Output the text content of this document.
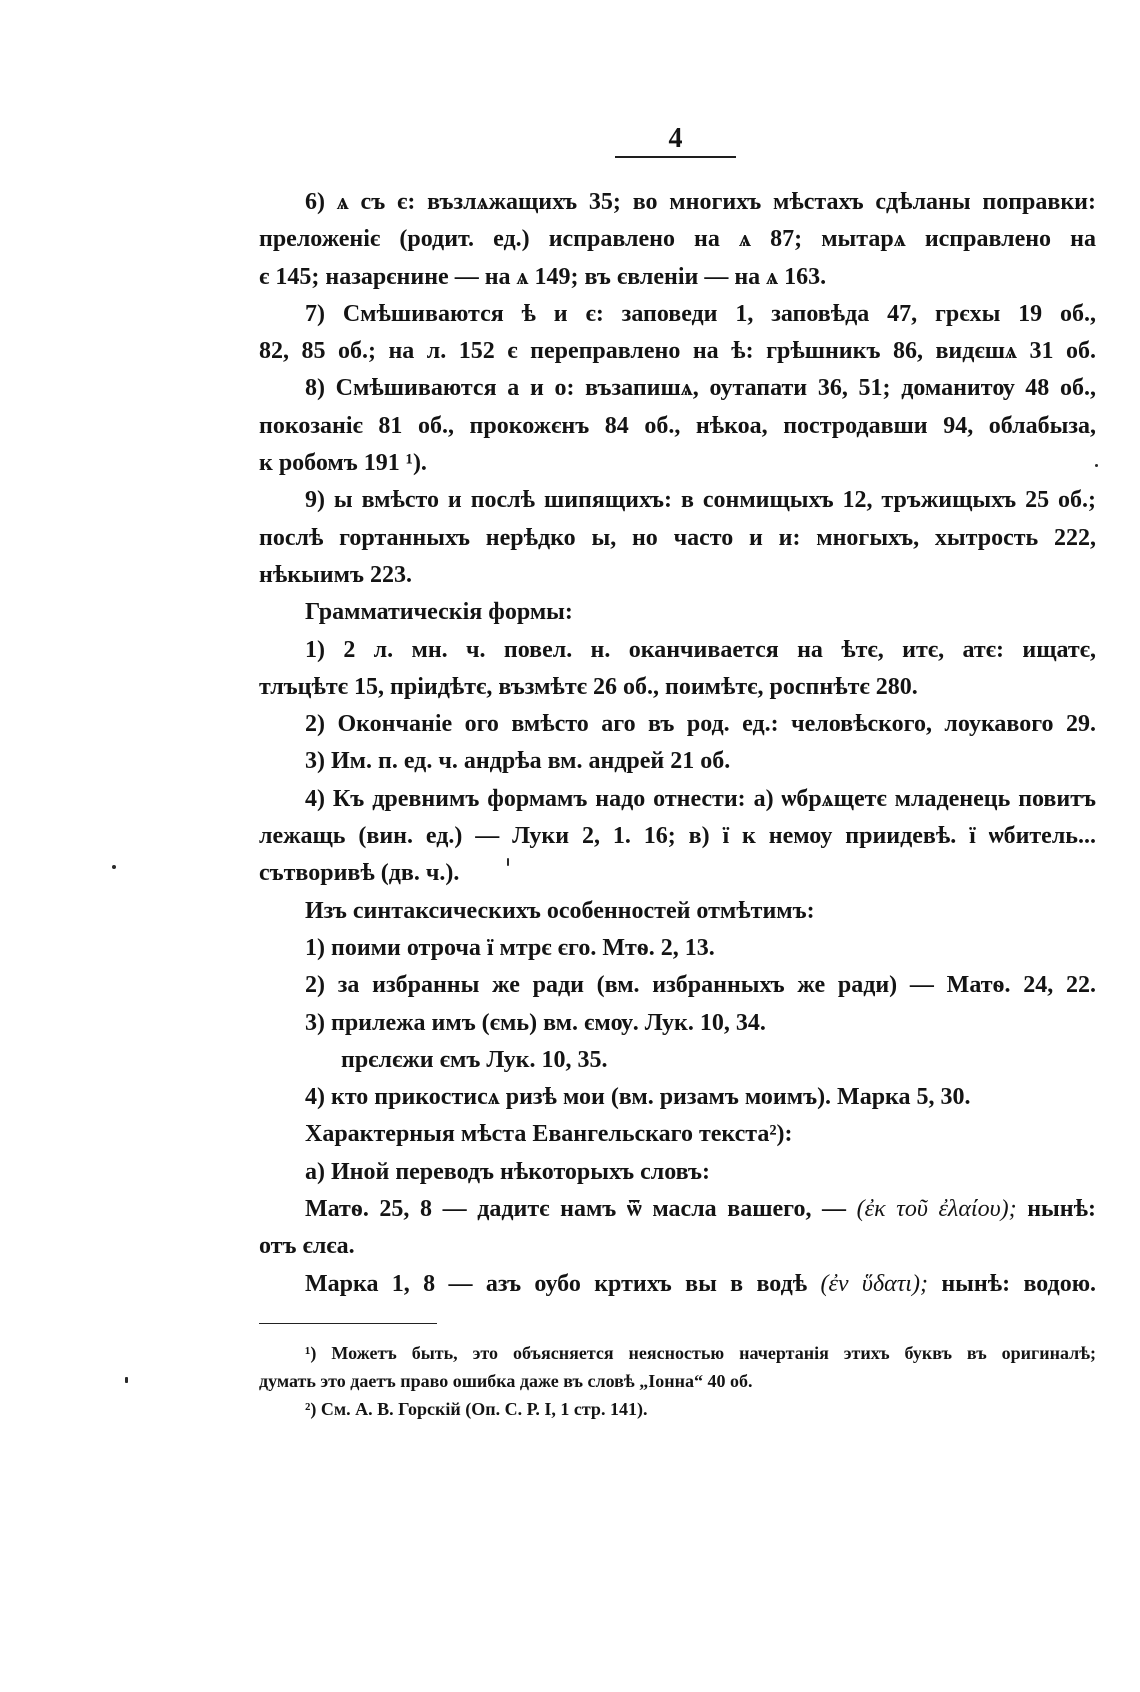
4
6) ѧ съ є: възлѧжащихъ 35; во многихъ мѣстахъ сдѣланы поправки:
преложеніє (родит. ед.) исправлено на ѧ 87; мытарѧ исправлено на
є 145; назарєнине — на ѧ 149; въ євленіи — на ѧ 163.
7) Смѣшиваются ѣ и є: заповеди 1, заповѣда 47, грєхы 19 об.,
82, 85 об.; на л. 152 є переправлено на ѣ: грѣшникъ 86, видєшѧ 31 об.
8) Смѣшиваются а и о: възапишѧ, оутапати 36, 51; доманитѹ 48 об.,
покозаніє 81 об., прокожєнъ 84 об., нѣкоа, постродавши 94, облабыза,
к робомъ 191 ¹).
9) ы вмѣсто и послѣ шипящихъ: в сонмищыхъ 12, тръжищыхъ 25 об.;
послѣ гортанныхъ нерѣдко ы, но часто и и: многыхъ, хытрость 222,
нѣкыимъ 223.
Грамматическія формы:
1) 2 л. мн. ч. повел. н. оканчивается на ѣтє, итє, атє: ищатє,
тлъцѣтє 15, пріидѣтє, възмѣтє 26 об., поимѣтє, роспнѣтє 280.
2) Окончаніе ого вмѣсто аго въ род. ед.: человѣского, лоукавого 29.
3) Им. п. ед. ч. андрѣа вм. андрей 21 об.
4) Къ древнимъ формамъ надо отнести: а) ѡбрѧщетє младенець повитъ
лежащь (вин. ед.) — Луки 2, 1. 16; в) ї к немоу приидевѣ. ї ѡбитель...
сътворивѣ (дв. ч.).
Изъ синтаксическихъ особенностей отмѣтимъ:
1) поими отроча ї мтрє єго. Мтѳ. 2, 13.
2) за избранны же ради (вм. избранныхъ же ради) — Матѳ. 24, 22.
3) прилежа имъ (ємь) вм. ємѹ. Лук. 10, 34.
прєлєжи ємъ Лук. 10, 35.
4) кто прикостисѧ ризѣ мои (вм. ризамъ моимъ). Марка 5, 30.
Характерныя мѣста Евангельскаго текста²):
а) Иной переводъ нѣкоторыхъ словъ:
Матѳ. 25, 8 — дадитє намъ ѿ масла вашего, — (ἐκ τοῦ ἐλαίου); нынѣ:
отъ єлєа.
Марка 1, 8 — азъ оубо кртихъ вы в водѣ (ἐν ὕδατι); нынѣ: водою.
¹) Можетъ быть, это объясняется неясностью начертанія этихъ буквъ въ оригиналѣ;
думать это даетъ право ошибка даже въ словѣ „Іонна“ 40 об.
²) См. А. В. Горскій (Оп. С. Р. I, 1 стр. 141).
